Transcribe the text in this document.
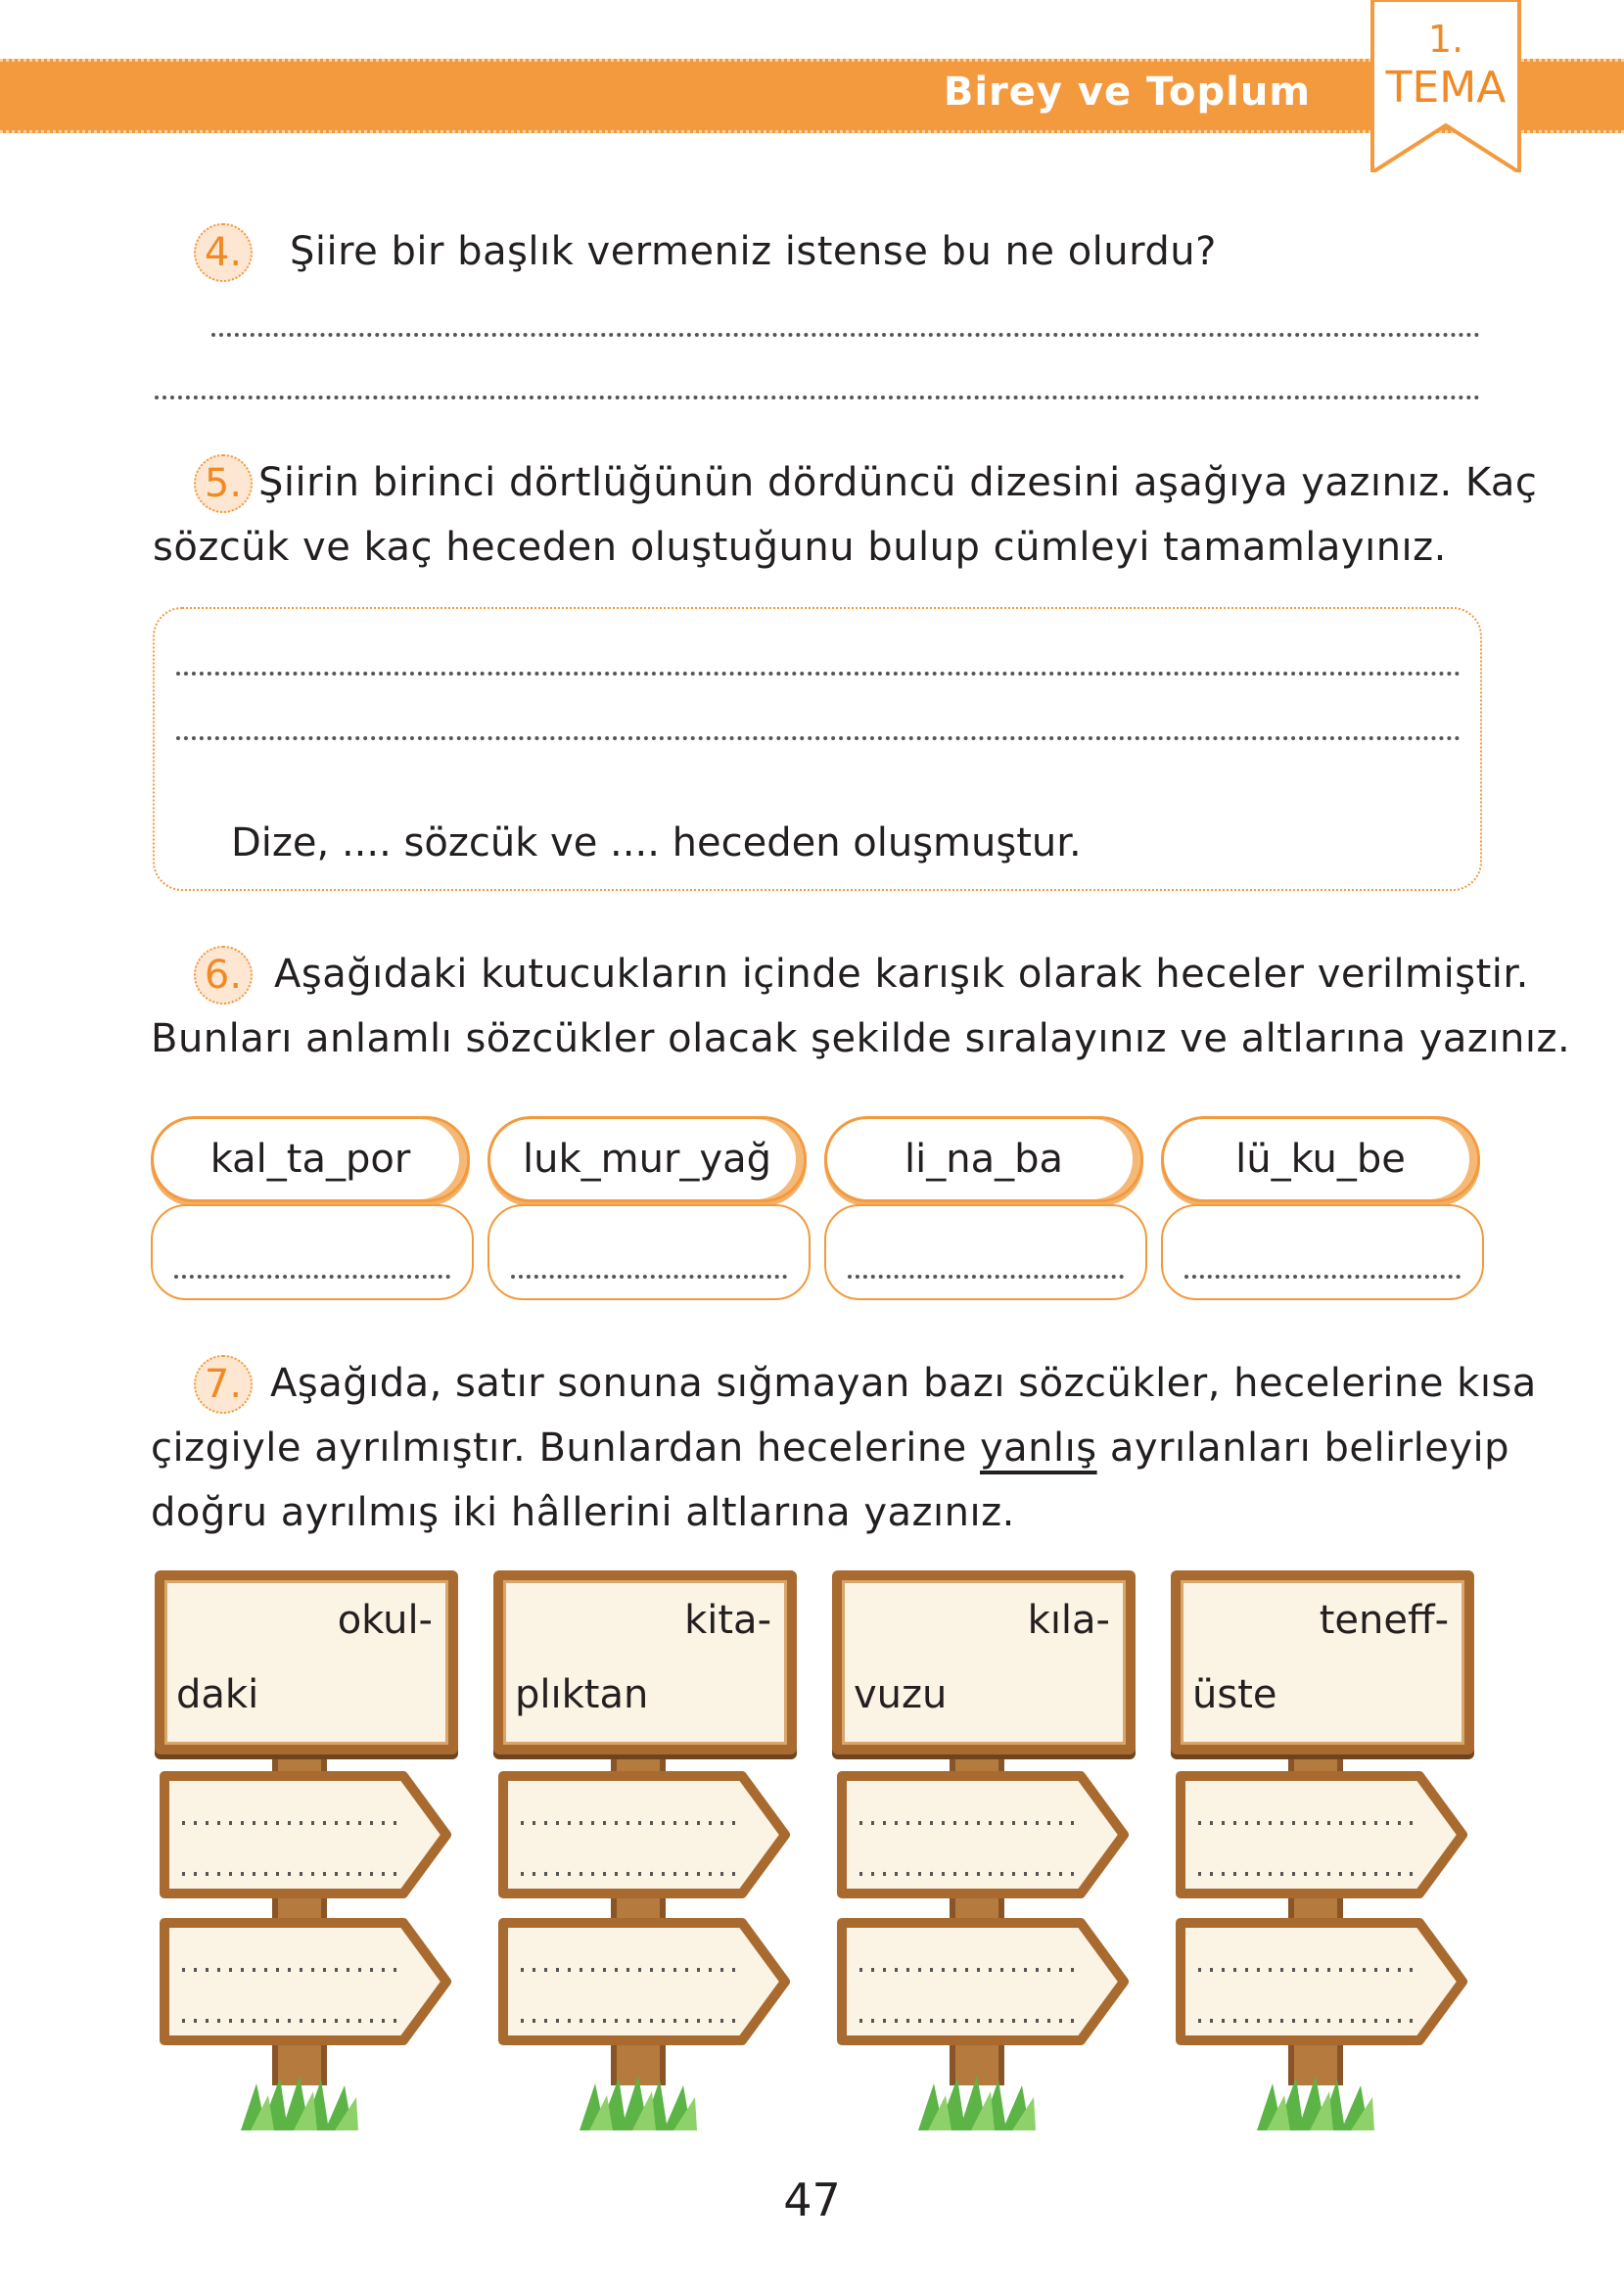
Birey ve Toplum
1.
TEMA
4. Şiire bir başlık vermeniz istense bu ne olurdu?
5. Şiirin birinci dörtlüğünün dördüncü dizesini aşağıya yazınız. Kaç
sözcük ve kaç heceden oluştuğunu bulup cümleyi tamamlayınız.
Dize, .... sözcük ve .... heceden oluşmuştur.
6. Aşağıdaki kutucukların içinde karışık olarak heceler verilmiştir.
Bunları anlamlı sözcükler olacak şekilde sıralayınız ve altlarına yazınız.
kal_ta_por	luk_mur_yağ	li_na_ba	lü_ku_be
7. Aşağıda, satır sonuna sığmayan bazı sözcükler, hecelerine kısa
çizgiyle ayrılmıştır. Bunlardan hecelerine yanlış ayrılanları belirleyip
doğru ayrılmış iki hâllerini altlarına yazınız.
okul-
daki
kita-
plıktan
kıla-
vuzu
teneff-
üste
47
